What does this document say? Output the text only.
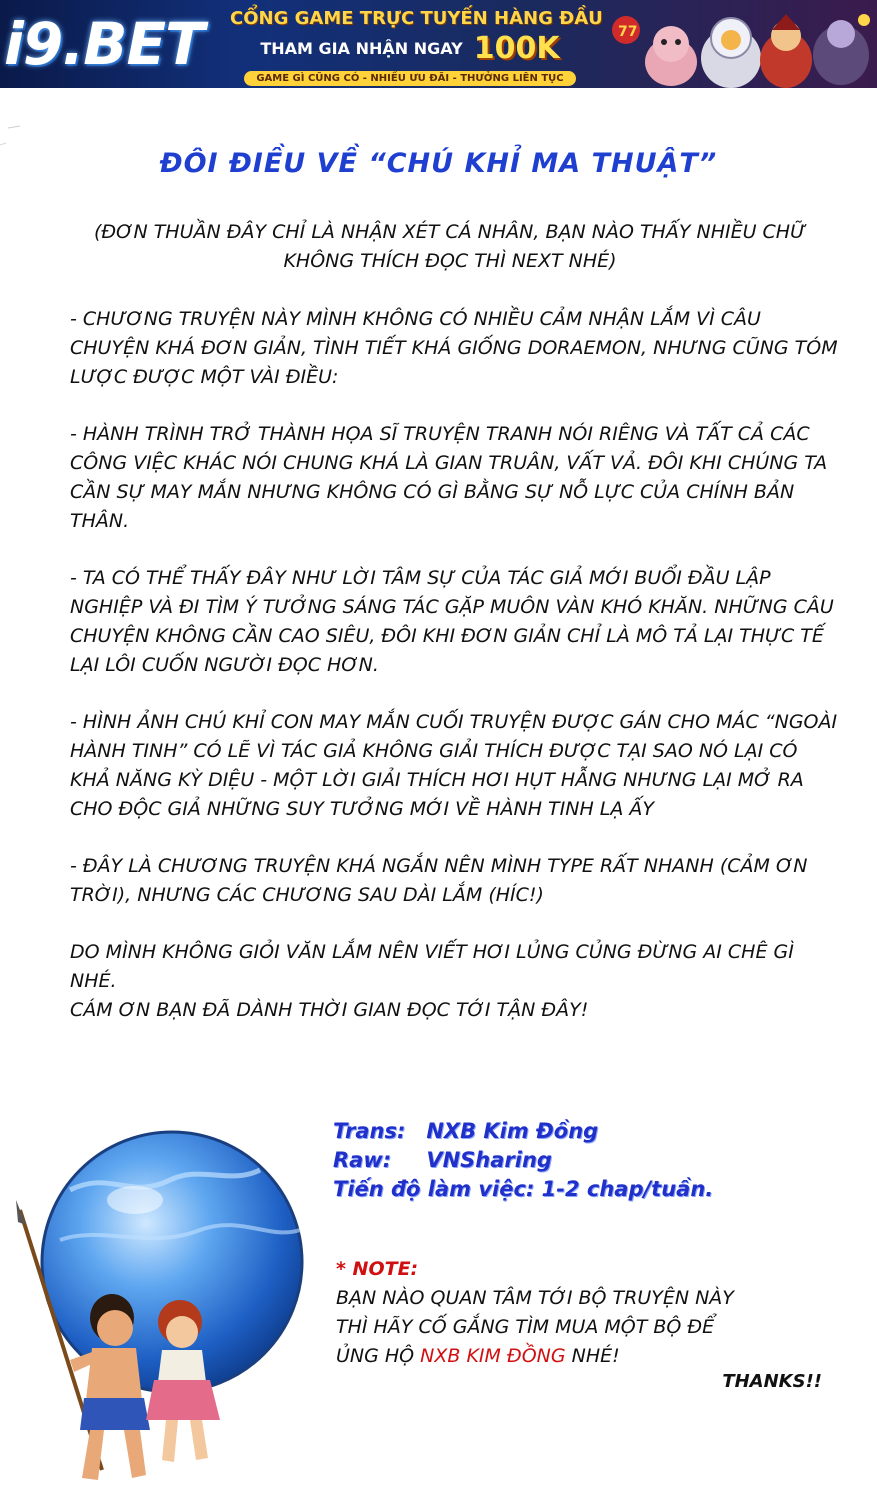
i9.BET CỔNG GAME TRỰC TUYẾN HÀNG ĐẦU
THAM GIA NHẬN NGAY 100K
GAME GÌ CŨNG CÓ - NHIỀU ƯU ĐÃI - THƯỞNG LIÊN TỤC
77
ĐÔI ĐIỀU VỀ “CHÚ KHỈ MA THUẬT”
(ĐƠN THUẦN ĐÂY CHỈ LÀ NHẬN XÉT CÁ NHÂN, BẠN NÀO THẤY NHIỀU CHỮ KHÔNG THÍCH ĐỌC THÌ NEXT NHÉ)

- CHƯƠNG TRUYỆN NÀY MÌNH KHÔNG CÓ NHIỀU CẢM NHẬN LẮM VÌ CÂU CHUYỆN KHÁ ĐƠN GIẢN, TÌNH TIẾT KHÁ GIỐNG DORAEMON, NHƯNG CŨNG TÓM LƯỢC ĐƯỢC MỘT VÀI ĐIỀU:

- HÀNH TRÌNH TRỞ THÀNH HỌA SĨ TRUYỆN TRANH NÓI RIÊNG VÀ TẤT CẢ CÁC CÔNG VIỆC KHÁC NÓI CHUNG KHÁ LÀ GIAN TRUÂN, VẤT VẢ. ĐÔI KHI CHÚNG TA CẦN SỰ MAY MẮN NHƯNG KHÔNG CÓ GÌ BẰNG SỰ NỖ LỰC CỦA CHÍNH BẢN THÂN.

- TA CÓ THỂ THẤY ĐÂY NHƯ LỜI TÂM SỰ CỦA TÁC GIẢ MỚI BUỔI ĐẦU LẬP NGHIỆP VÀ ĐI TÌM Ý TƯỞNG SÁNG TÁC GẶP MUÔN VÀN KHÓ KHĂN. NHỮNG CÂU CHUYỆN KHÔNG CẦN CAO SIÊU, ĐÔI KHI ĐƠN GIẢN CHỈ LÀ MÔ TẢ LẠI THỰC TẾ LẠI LÔI CUỐN NGƯỜI ĐỌC HƠN.

- HÌNH ẢNH CHÚ KHỈ CON MAY MẮN CUỐI TRUYỆN ĐƯỢC GÁN CHO MÁC “NGOÀI HÀNH TINH” CÓ LẼ VÌ TÁC GIẢ KHÔNG GIẢI THÍCH ĐƯỢC TẠI SAO NÓ LẠI CÓ KHẢ NĂNG KỲ DIỆU - MỘT LỜI GIẢI THÍCH HƠI HỤT HẪNG NHƯNG LẠI MỞ RA CHO ĐỘC GIẢ NHỮNG SUY TƯỞNG MỚI VỀ HÀNH TINH LẠ ẤY

- ĐÂY LÀ CHƯƠNG TRUYỆN KHÁ NGẮN NÊN MÌNH TYPE RẤT NHANH (CẢM ƠN TRỜI), NHƯNG CÁC CHƯƠNG SAU DÀI LẮM (HÍC!)

DO MÌNH KHÔNG GIỎI VĂN LẮM NÊN VIẾT HƠI LỦNG CỦNG ĐỪNG AI CHÊ GÌ NHÉ.

CÁM ƠN BẠN ĐÃ DÀNH THỜI GIAN ĐỌC TỚI TẬN ĐÂY!

Trans: NXB Kim Đồng
Raw: VNSharing
Tiến độ làm việc: 1-2 chap/tuần.
* NOTE:
BẠN NÀO QUAN TÂM TỚI BỘ TRUYỆN NÀY
THÌ HÃY CỐ GẮNG TÌM MUA MỘT BỘ ĐỂ
ỦNG HỘ NXB KIM ĐỒNG NHÉ!
THANKS!!
